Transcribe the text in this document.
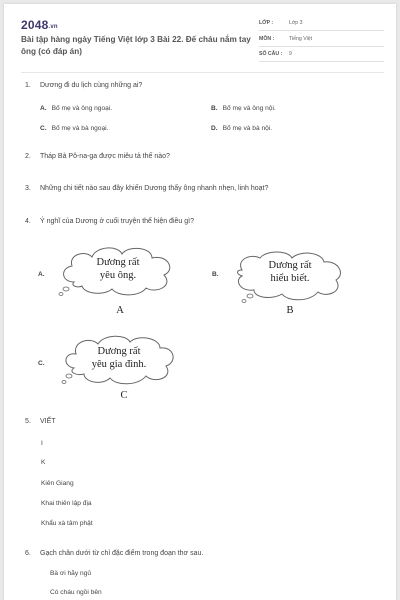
2048.vn
Bài tập hàng ngày Tiếng Việt lớp 3 Bài 22. Đế cháu nắm tay ông (có đáp án)
LỚP :	Lớp 3
MÔN :	Tiếng Việt
SỐ CÂU : 9
1. Dương đi du lịch cùng những ai?
A. Bố mẹ và ông ngoại.	B. Bố mẹ và ông nội.
C. Bố mẹ và bà ngoại.	D. Bố mẹ và bà nội.
2. Tháp Bà Pô-na-ga được miêu tả thế nào?
3. Những chi tiết nào sau đây khiến Dương thấy ông nhanh nhẹn, linh hoạt?
4. Ý nghĩ của Dương ở cuối truyện thể hiện điều gì?
A.
Dương rất
yêu ông.
A
B.
Dương rất
hiểu biết.
B
C.
Dương rất
yêu gia đình.
C
5. VIẾT
I
K
Kiên Giang
Khai thiên lập địa
Khẩu xà tâm phật
6. Gạch chân dưới từ chỉ đặc điểm trong đoạn thơ sau.
Bà ơi hãy ngủ
Có cháu ngồi bên
